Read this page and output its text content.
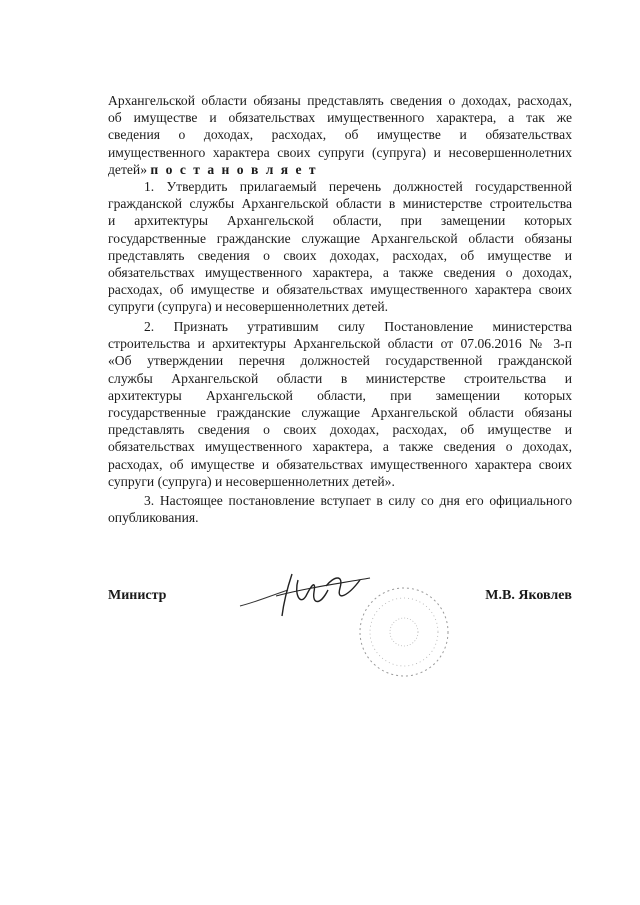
Архангельской области обязаны представлять сведения о доходах, расходах,

об имуществе и обязательствах имущественного характера, а так же

сведения о доходах, расходах, об имуществе и обязательствах

имущественного характера своих супруги (супруга) и несовершеннолетних

детей» п о с т а н о в л я е т

1. Утвердить прилагаемый перечень должностей государственной

гражданской службы Архангельской области в министерстве строительства

и архитектуры Архангельской области, при замещении которых

государственные гражданские служащие Архангельской области обязаны

представлять сведения о своих доходах, расходах, об имуществе и

обязательствах имущественного характера, а также сведения о доходах,

расходах, об имуществе и обязательствах имущественного характера своих

супруги (супруга) и несовершеннолетних детей.

2. Признать утратившим силу Постановление министерства

строительства и архитектуры Архангельской области от 07.06.2016 № 3-п

«Об утверждении перечня должностей государственной гражданской

службы Архангельской области в министерстве строительства и

архитектуры Архангельской области, при замещении которых

государственные гражданские служащие Архангельской области обязаны

представлять сведения о своих доходах, расходах, об имуществе и

обязательствах имущественного характера, а также сведения о доходах,

расходах, об имуществе и обязательствах имущественного характера своих

супруги (супруга) и несовершеннолетних детей».

3. Настоящее постановление вступает в силу со дня его официального

опубликования.

Министр	М.В. Яковлев
